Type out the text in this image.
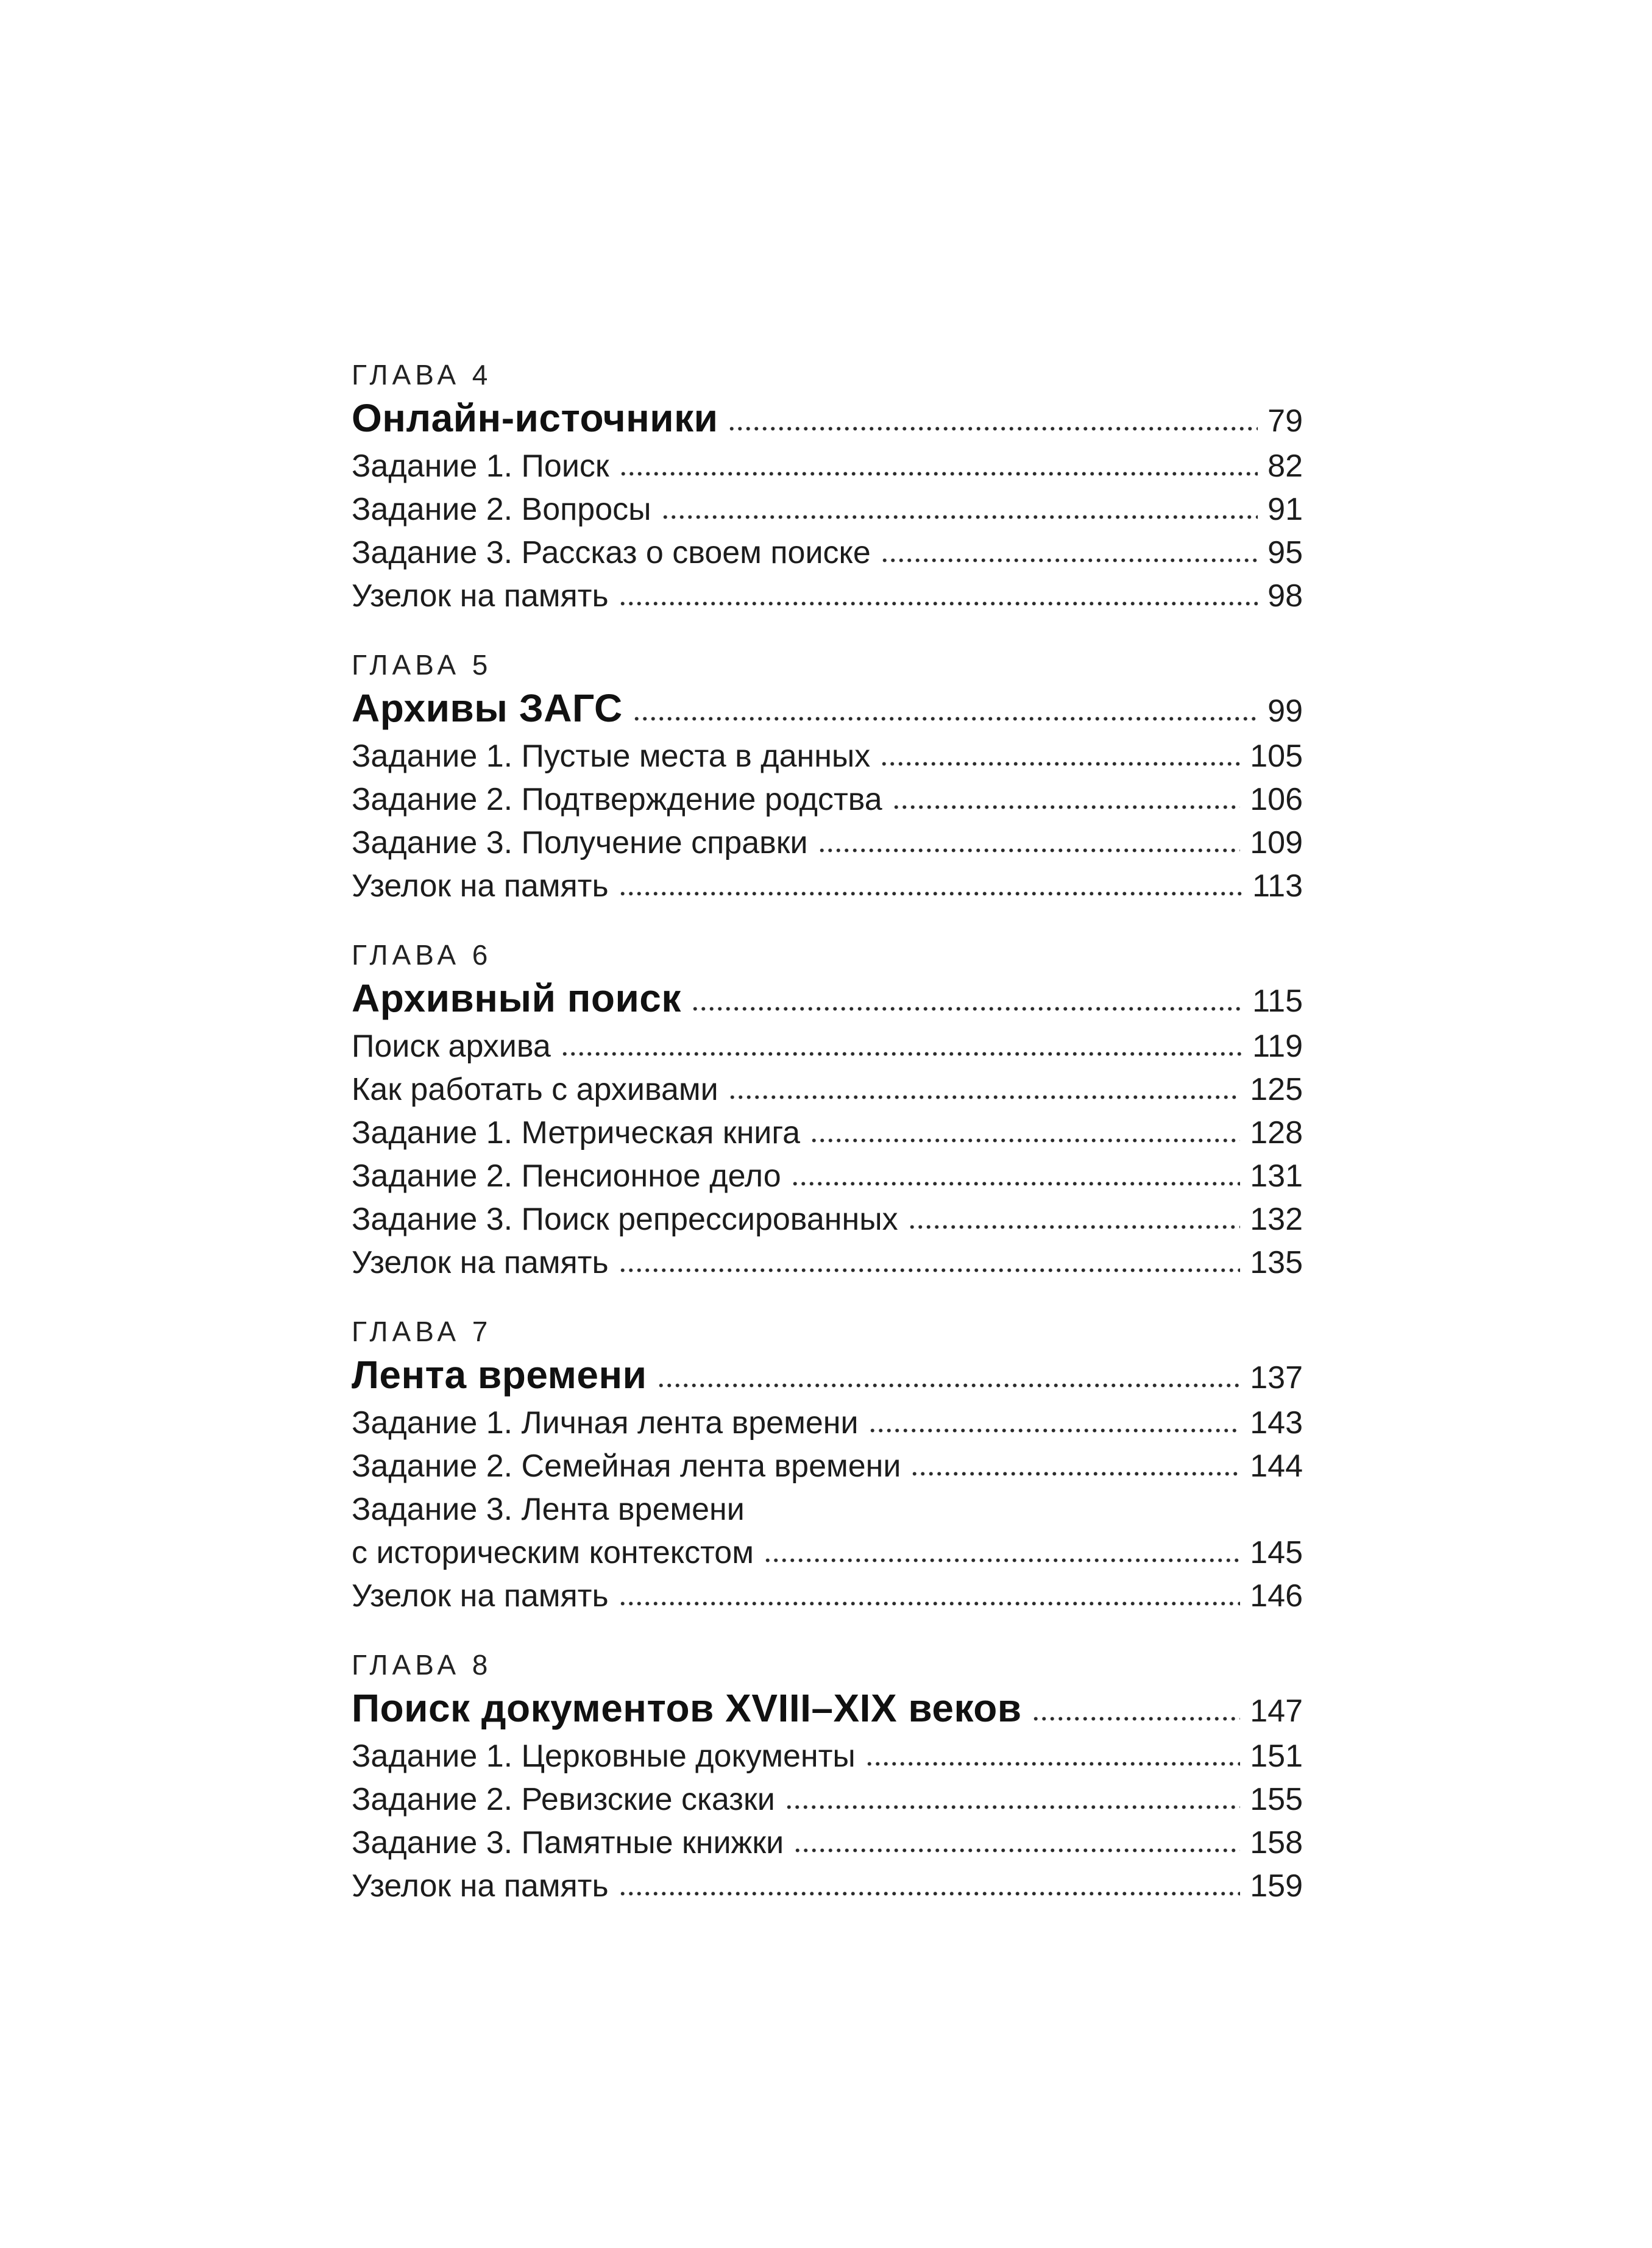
ГЛАВА 4
Онлайн-источники	79
Задание 1. Поиск	82
Задание 2. Вопросы	91
Задание 3. Рассказ о своем поиске	95
Узелок на память	98
ГЛАВА 5
Архивы ЗАГС	99
Задание 1. Пустые места в данных	105
Задание 2. Подтверждение родства	106
Задание 3. Получение справки	109
Узелок на память	113
ГЛАВА 6
Архивный поиск	115
Поиск архива	119
Как работать с архивами	125
Задание 1. Метрическая книга	128
Задание 2. Пенсионное дело	131
Задание 3. Поиск репрессированных	132
Узелок на память	135
ГЛАВА 7
Лента времени	137
Задание 1. Личная лента времени	143
Задание 2. Семейная лента времени	144
Задание 3. Лента времени
с историческим контекстом	145
Узелок на память	146
ГЛАВА 8
Поиск документов XVIII–XIX веков	147
Задание 1. Церковные документы	151
Задание 2. Ревизские сказки	155
Задание 3. Памятные книжки	158
Узелок на память	159
